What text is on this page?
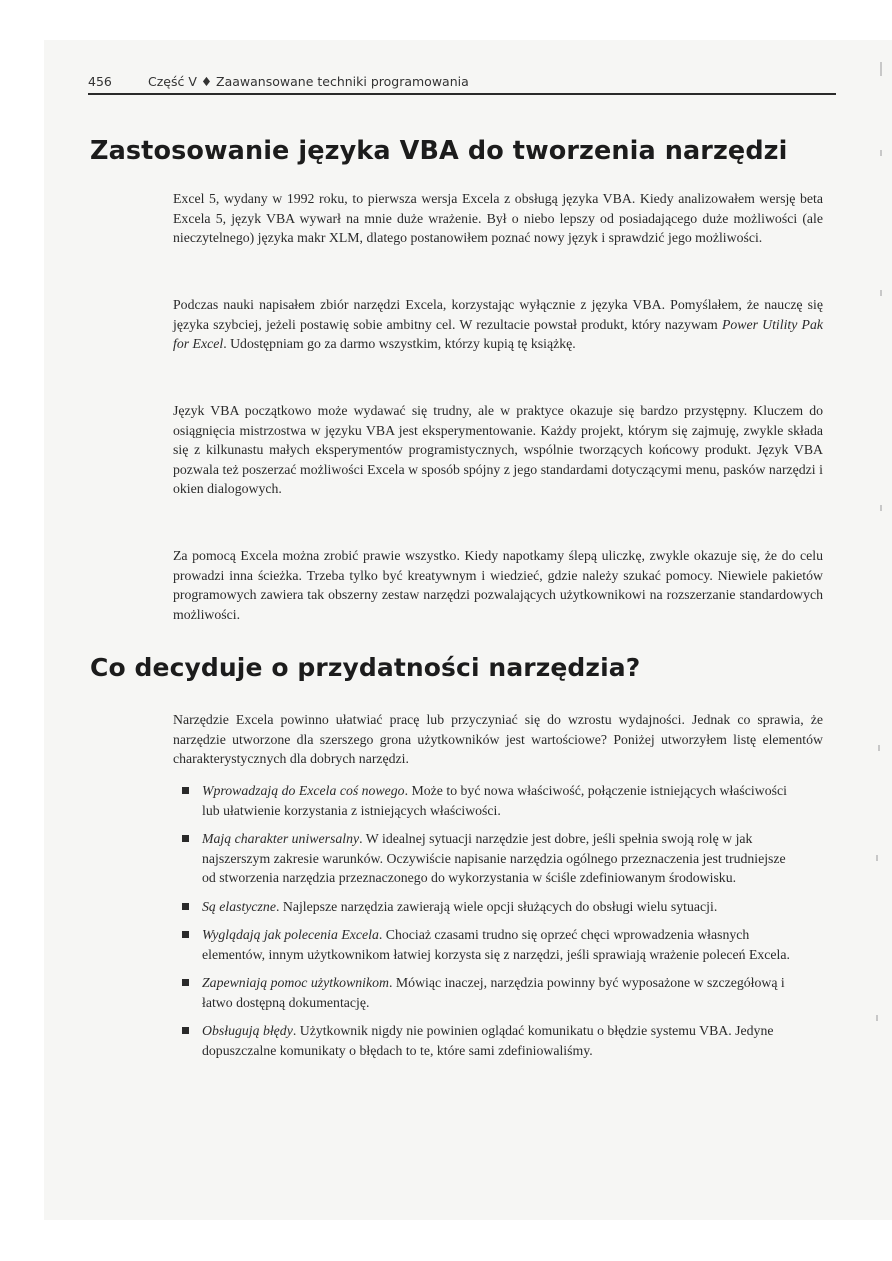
456	Część V ♦ Zaawansowane techniki programowania
Zastosowanie języka VBA do tworzenia narzędzi

Excel 5, wydany w 1992 roku, to pierwsza wersja Excela z obsługą języka VBA. Kiedy analizowałem wersję beta Excela 5, język VBA wywarł na mnie duże wrażenie. Był o niebo lepszy od posiadającego duże możliwości (ale nieczytelnego) języka makr XLM, dlatego postanowiłem poznać nowy język i sprawdzić jego możliwości.

Podczas nauki napisałem zbiór narzędzi Excela, korzystając wyłącznie z języka VBA. Pomyślałem, że nauczę się języka szybciej, jeżeli postawię sobie ambitny cel. W rezultacie powstał produkt, który nazywam Power Utility Pak for Excel. Udostępniam go za darmo wszystkim, którzy kupią tę książkę.

Język VBA początkowo może wydawać się trudny, ale w praktyce okazuje się bardzo przystępny. Kluczem do osiągnięcia mistrzostwa w języku VBA jest eksperymentowanie. Każdy projekt, którym się zajmuję, zwykle składa się z kilkunastu małych eksperymentów programistycznych, wspólnie tworzących końcowy produkt. Język VBA pozwala też poszerzać możliwości Excela w sposób spójny z jego standardami dotyczącymi menu, pasków narzędzi i okien dialogowych.

Za pomocą Excela można zrobić prawie wszystko. Kiedy napotkamy ślepą uliczkę, zwykle okazuje się, że do celu prowadzi inna ścieżka. Trzeba tylko być kreatywnym i wiedzieć, gdzie należy szukać pomocy. Niewiele pakietów programowych zawiera tak obszerny zestaw narzędzi pozwalających użytkownikowi na rozszerzanie standardowych możliwości.

Co decyduje o przydatności narzędzia?

Narzędzie Excela powinno ułatwiać pracę lub przyczyniać się do wzrostu wydajności. Jednak co sprawia, że narzędzie utworzone dla szerszego grona użytkowników jest wartościowe? Poniżej utworzyłem listę elementów charakterystycznych dla dobrych narzędzi.

Wprowadzają do Excela coś nowego. Może to być nowa właściwość, połączenie istniejących właściwości lub ułatwienie korzystania z istniejących właściwości.
Mają charakter uniwersalny. W idealnej sytuacji narzędzie jest dobre, jeśli spełnia swoją rolę w jak najszerszym zakresie warunków. Oczywiście napisanie narzędzia ogólnego przeznaczenia jest trudniejsze od stworzenia narzędzia przeznaczonego do wykorzystania w ściśle zdefiniowanym środowisku.
Są elastyczne. Najlepsze narzędzia zawierają wiele opcji służących do obsługi wielu sytuacji.
Wyglądają jak polecenia Excela. Chociaż czasami trudno się oprzeć chęci wprowadzenia własnych elementów, innym użytkownikom łatwiej korzysta się z narzędzi, jeśli sprawiają wrażenie poleceń Excela.
Zapewniają pomoc użytkownikom. Mówiąc inaczej, narzędzia powinny być wyposażone w szczegółową i łatwo dostępną dokumentację.
Obsługują błędy. Użytkownik nigdy nie powinien oglądać komunikatu o błędzie systemu VBA. Jedyne dopuszczalne komunikaty o błędach to te, które sami zdefiniowaliśmy.
